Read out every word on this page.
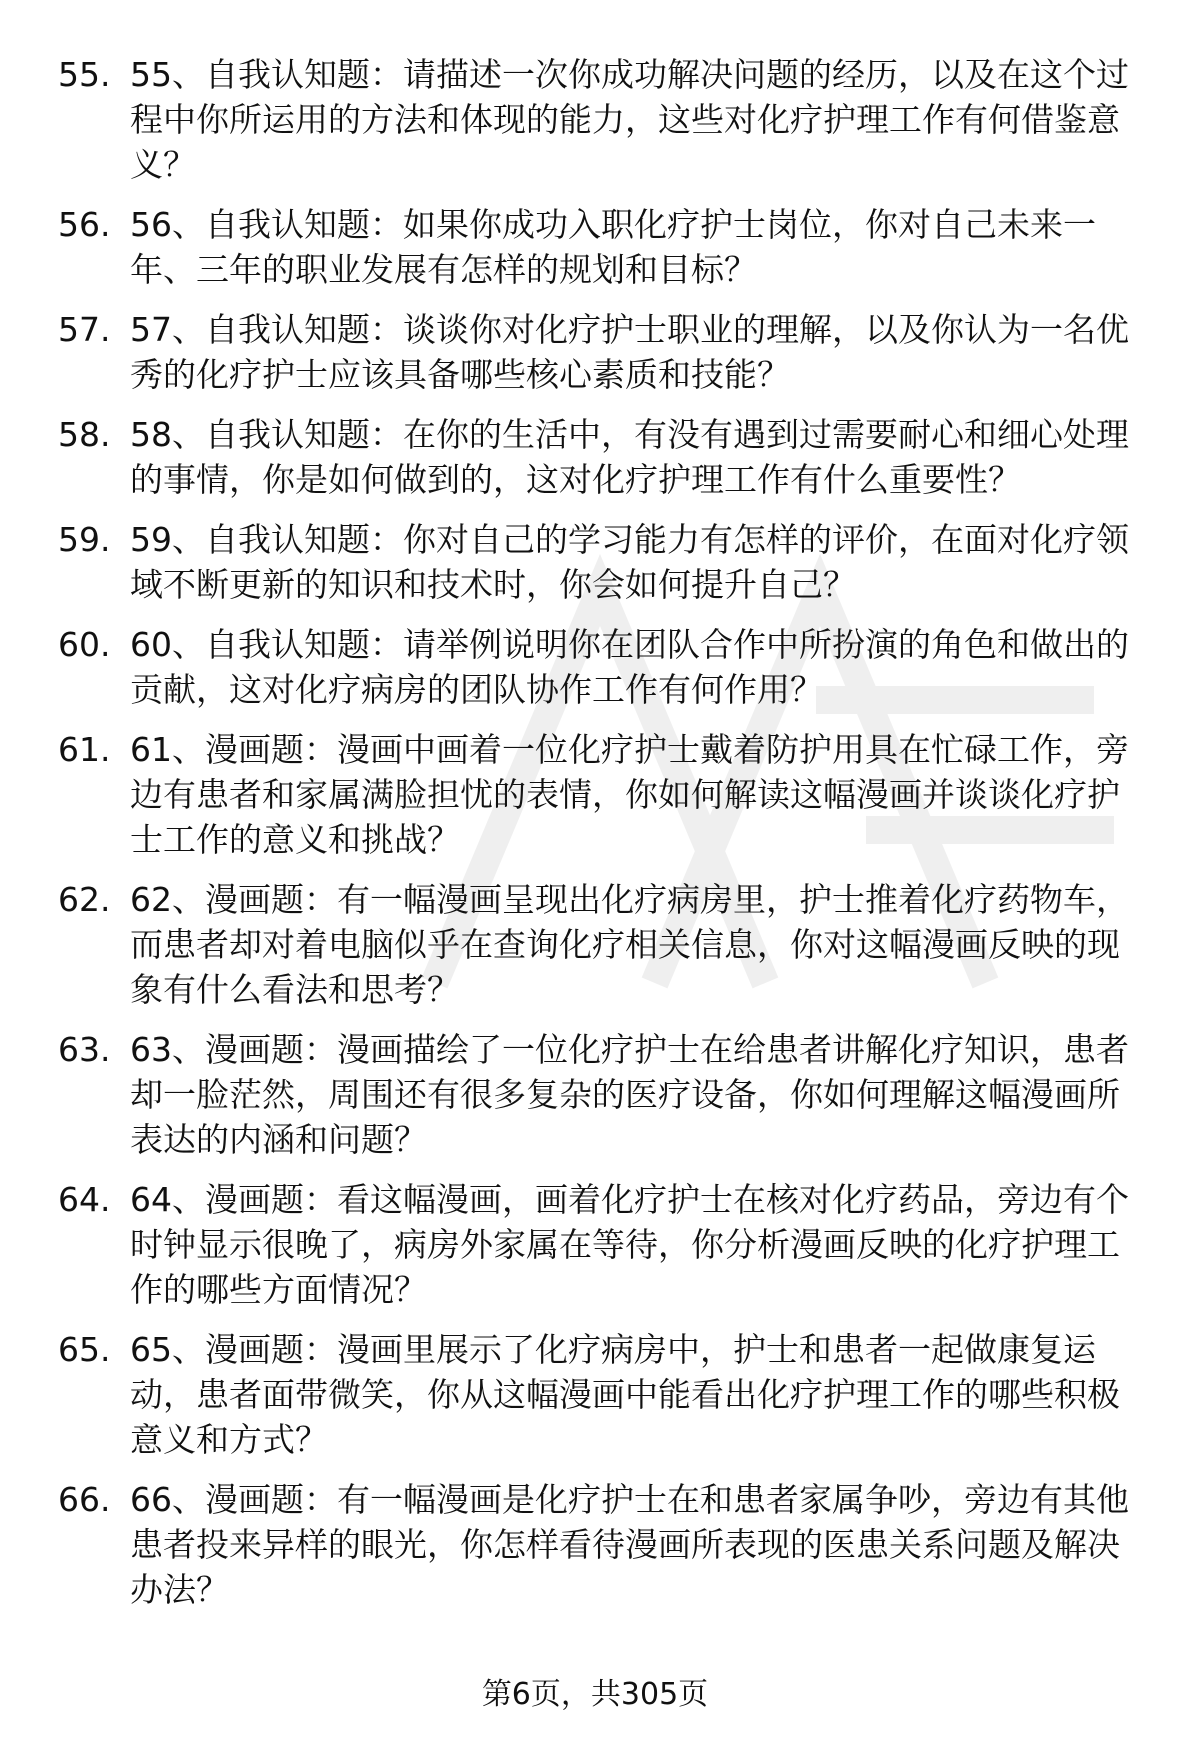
55. 55、自我认知题：请描述一次你成功解决问题的经历，以及在这个过程中你所运用的方法和体现的能力，这些对化疗护理工作有何借鉴意义？
56. 56、自我认知题：如果你成功入职化疗护士岗位，你对自己未来一年、三年的职业发展有怎样的规划和目标？
57. 57、自我认知题：谈谈你对化疗护士职业的理解，以及你认为一名优秀的化疗护士应该具备哪些核心素质和技能？
58. 58、自我认知题：在你的生活中，有没有遇到过需要耐心和细心处理的事情，你是如何做到的，这对化疗护理工作有什么重要性？
59. 59、自我认知题：你对自己的学习能力有怎样的评价，在面对化疗领域不断更新的知识和技术时，你会如何提升自己？
60. 60、自我认知题：请举例说明你在团队合作中所扮演的角色和做出的贡献，这对化疗病房的团队协作工作有何作用？
61. 61、漫画题：漫画中画着一位化疗护士戴着防护用具在忙碌工作，旁边有患者和家属满脸担忧的表情，你如何解读这幅漫画并谈谈化疗护士工作的意义和挑战？
62. 62、漫画题：有一幅漫画呈现出化疗病房里，护士推着化疗药物车，而患者却对着电脑似乎在查询化疗相关信息，你对这幅漫画反映的现象有什么看法和思考？
63. 63、漫画题：漫画描绘了一位化疗护士在给患者讲解化疗知识，患者却一脸茫然，周围还有很多复杂的医疗设备，你如何理解这幅漫画所表达的内涵和问题？
64. 64、漫画题：看这幅漫画，画着化疗护士在核对化疗药品，旁边有个时钟显示很晚了，病房外家属在等待，你分析漫画反映的化疗护理工作的哪些方面情况？
65. 65、漫画题：漫画里展示了化疗病房中，护士和患者一起做康复运动，患者面带微笑，你从这幅漫画中能看出化疗护理工作的哪些积极意义和方式？
66. 66、漫画题：有一幅漫画是化疗护士在和患者家属争吵，旁边有其他患者投来异样的眼光，你怎样看待漫画所表现的医患关系问题及解决办法？
第6页，共305页
